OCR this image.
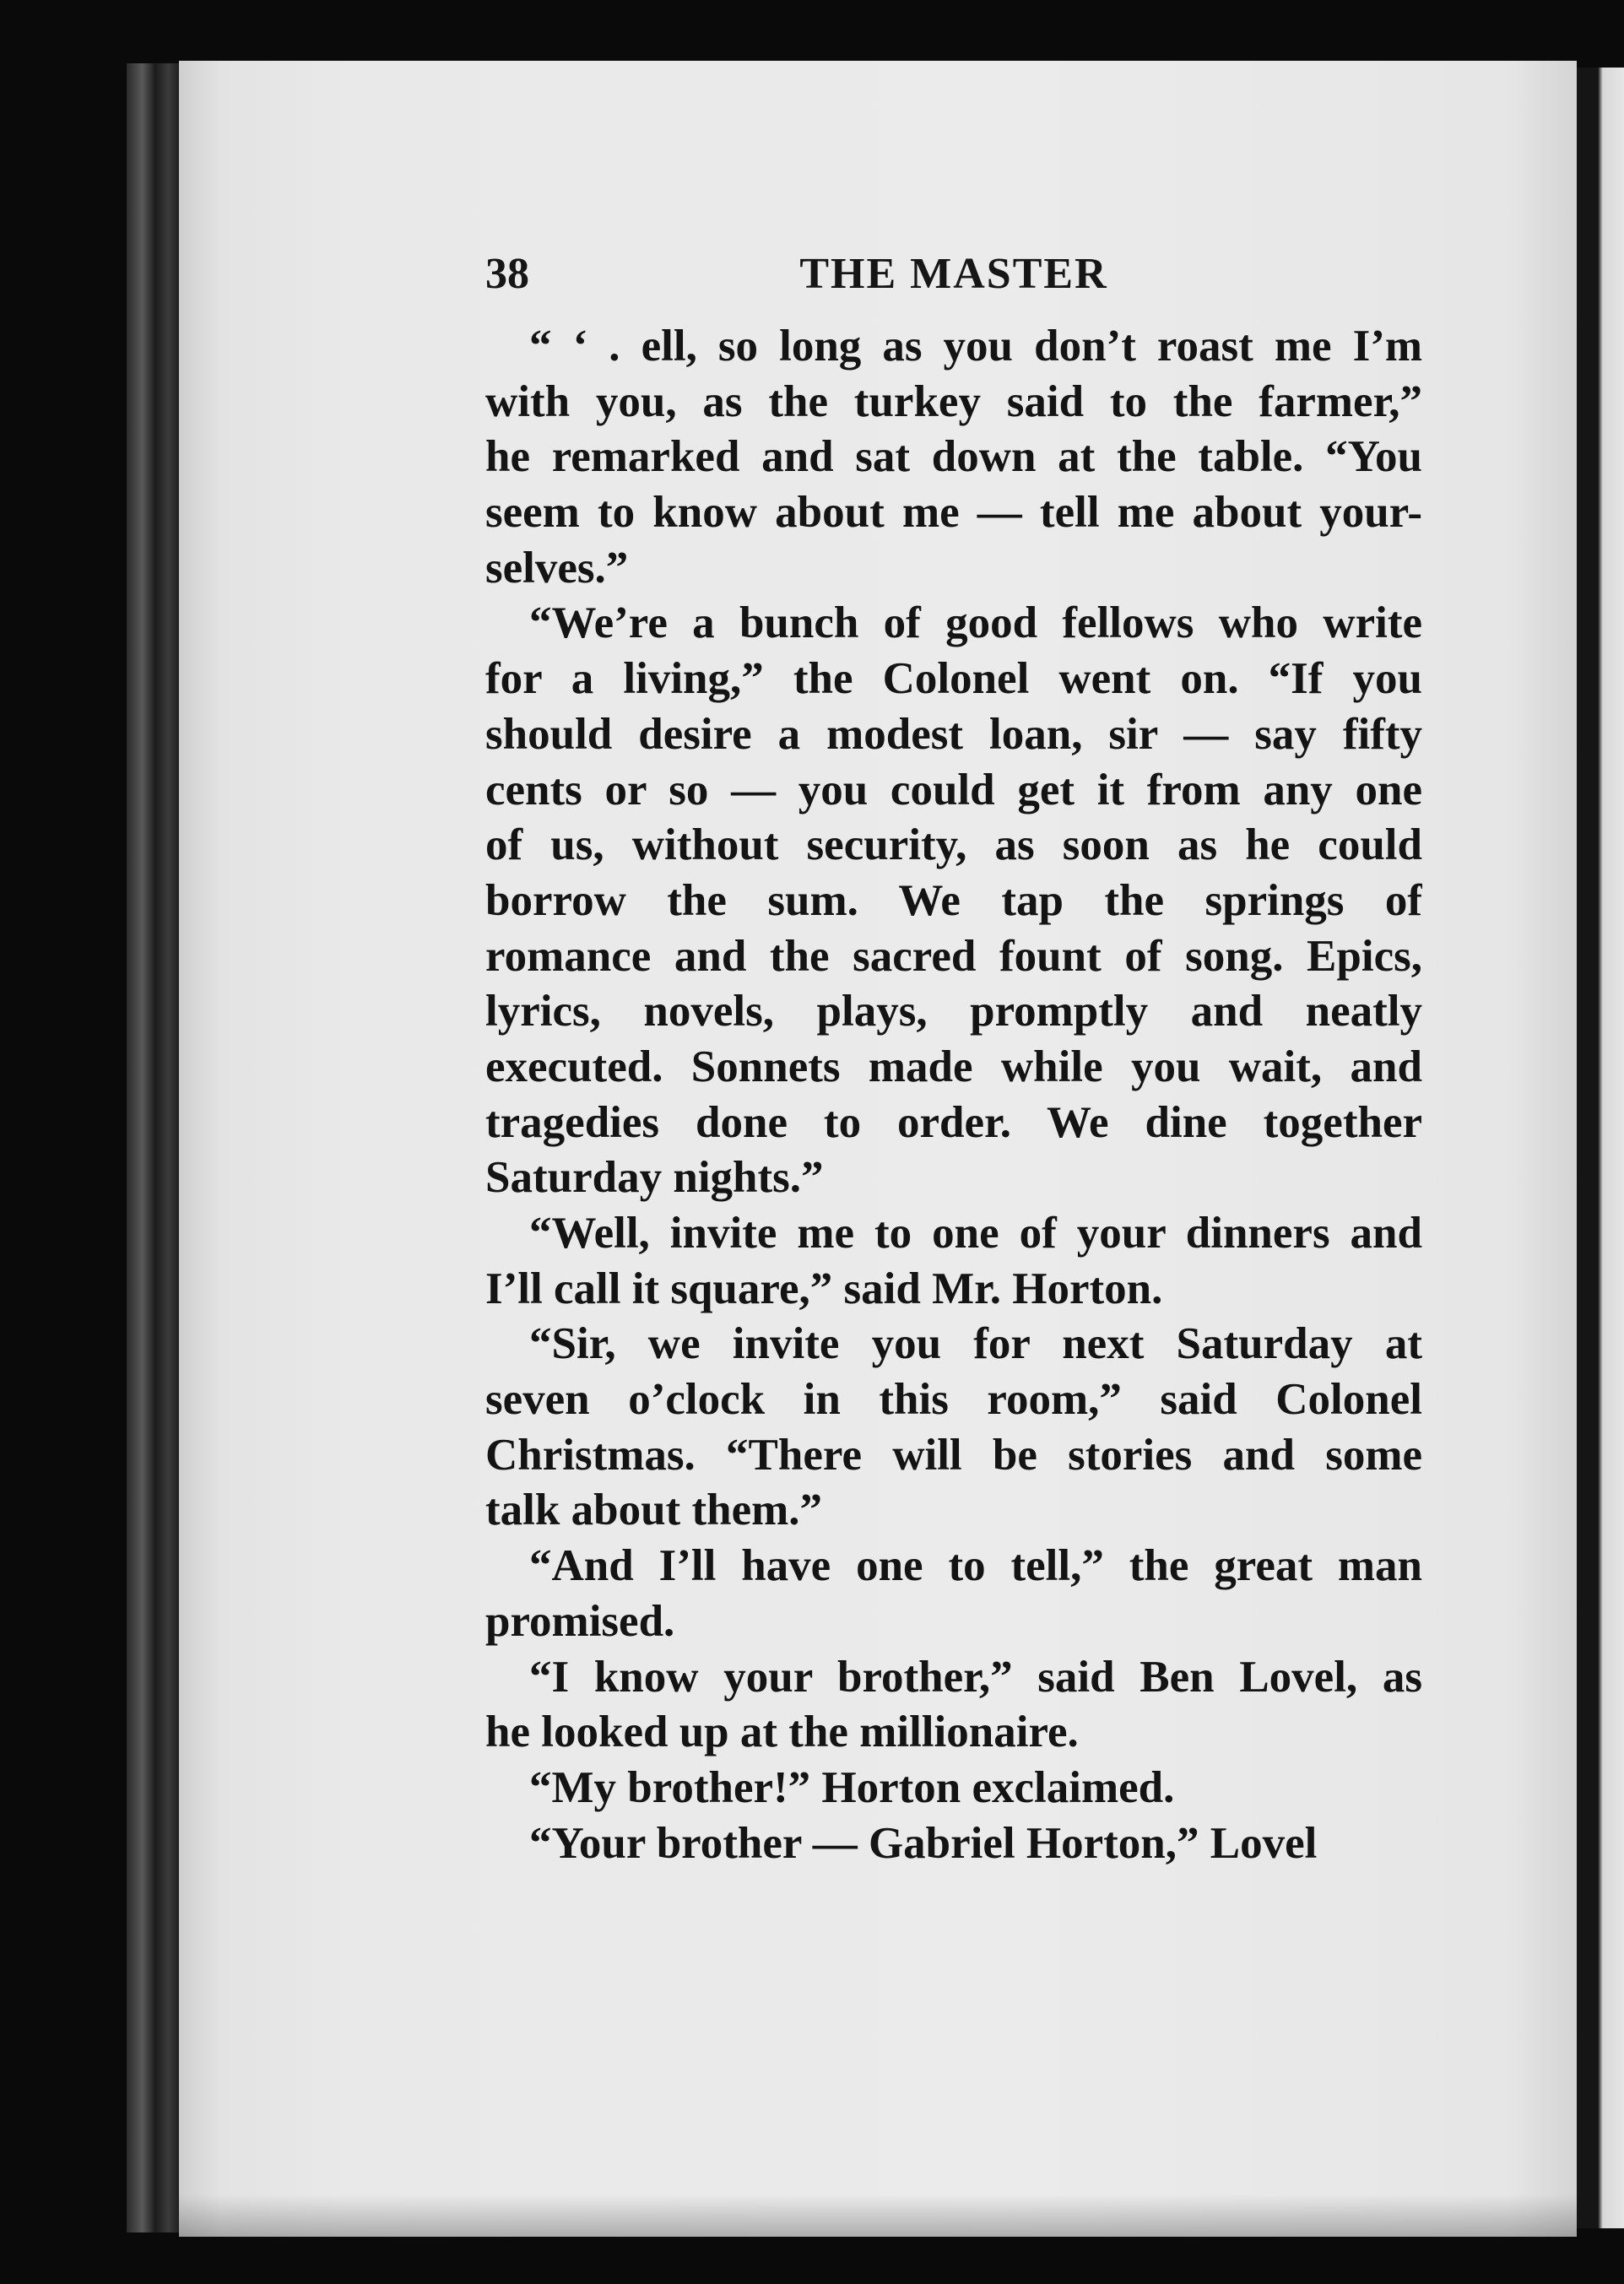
38	THE MASTER
“ ‘ . ell, so long as you don’t roast me I’m
with you, as the turkey said to the farmer,”
he remarked and sat down at the table. “You
seem to know about me — tell me about your-
selves.”
“We’re a bunch of good fellows who write
for a living,” the Colonel went on. “If you
should desire a modest loan, sir — say fifty
cents or so — you could get it from any one
of us, without security, as soon as he could
borrow the sum. We tap the springs of
romance and the sacred fount of song. Epics,
lyrics, novels, plays, promptly and neatly
executed. Sonnets made while you wait, and
tragedies done to order. We dine together
Saturday nights.”
“Well, invite me to one of your dinners and
I’ll call it square,” said Mr. Horton.
“Sir, we invite you for next Saturday at
seven o’clock in this room,” said Colonel
Christmas. “There will be stories and some
talk about them.”
“And I’ll have one to tell,” the great man
promised.
“I know your brother,” said Ben Lovel, as
he looked up at the millionaire.
“My brother!” Horton exclaimed.
“Your brother — Gabriel Horton,” Lovel
